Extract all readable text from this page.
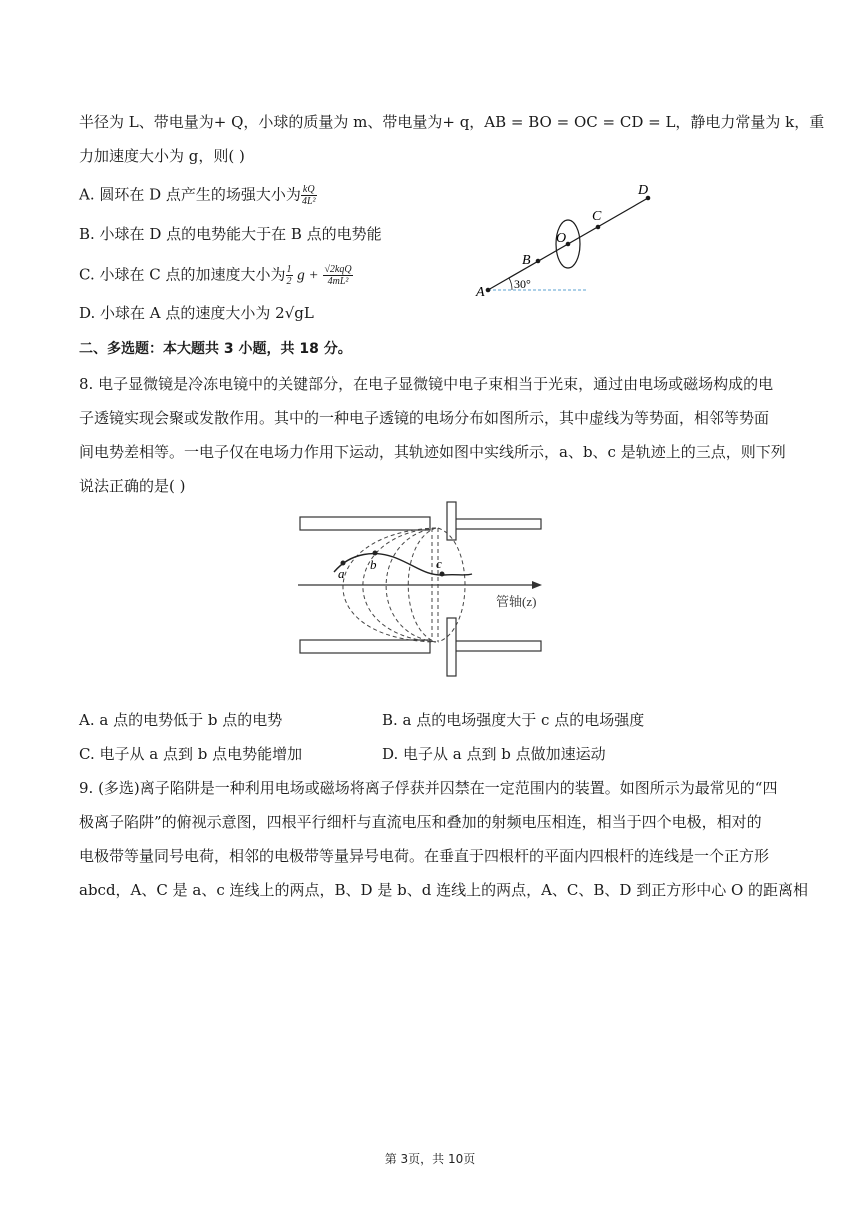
半径为 L、带电量为+ Q，小球的质量为 m、带电量为+ q，AB = BO = OC = CD = L，静电力常量为 k，重
力加速度大小为 g，则( )
A. 圆环在 D 点产生的场强大小为 $\frac{kQ}{\text{4L²}}$
B. 小球在 D 点的电势能大于在 B 点的电势能
C. 小球在 C 点的加速度大小为 $\frac{1}{2}$ $g + \frac{\text{√2kqQ}}{\text{4mL²}}$
D. 小球在 A 点的速度大小为 2√gL
A
B
O
C
D
30°
二、多选题：本大题共 3 小题，共 18 分。
8. 电子显微镜是冷冻电镜中的关键部分，在电子显微镜中电子束相当于光束，通过由电场或磁场构成的电
子透镜实现会聚或发散作用。其中的一种电子透镜的电场分布如图所示，其中虚线为等势面，相邻等势面
间电势差相等。一电子仅在电场力作用下运动，其轨迹如图中实线所示，a、b、c 是轨迹上的三点，则下列
说法正确的是( )
a
b	c
管轴(z)
A. a 点的电势低于 b 点的电势	B. a 点的电场强度大于 c 点的电场强度
C. 电子从 a 点到 b 点电势能增加	D. 电子从 a 点到 b 点做加速运动
9. (多选)离子陷阱是一种利用电场或磁场将离子俘获并囚禁在一定范围内的装置。如图所示为最常见的“四
极离子陷阱”的俯视示意图，四根平行细杆与直流电压和叠加的射频电压相连，相当于四个电极，相对的
电极带等量同号电荷，相邻的电极带等量异号电荷。在垂直于四根杆的平面内四根杆的连线是一个正方形
abcd，A、C 是 a、c 连线上的两点，B、D 是 b、d 连线上的两点，A、C、B、D 到正方形中心 O 的距离相
第 3页，共 10页
